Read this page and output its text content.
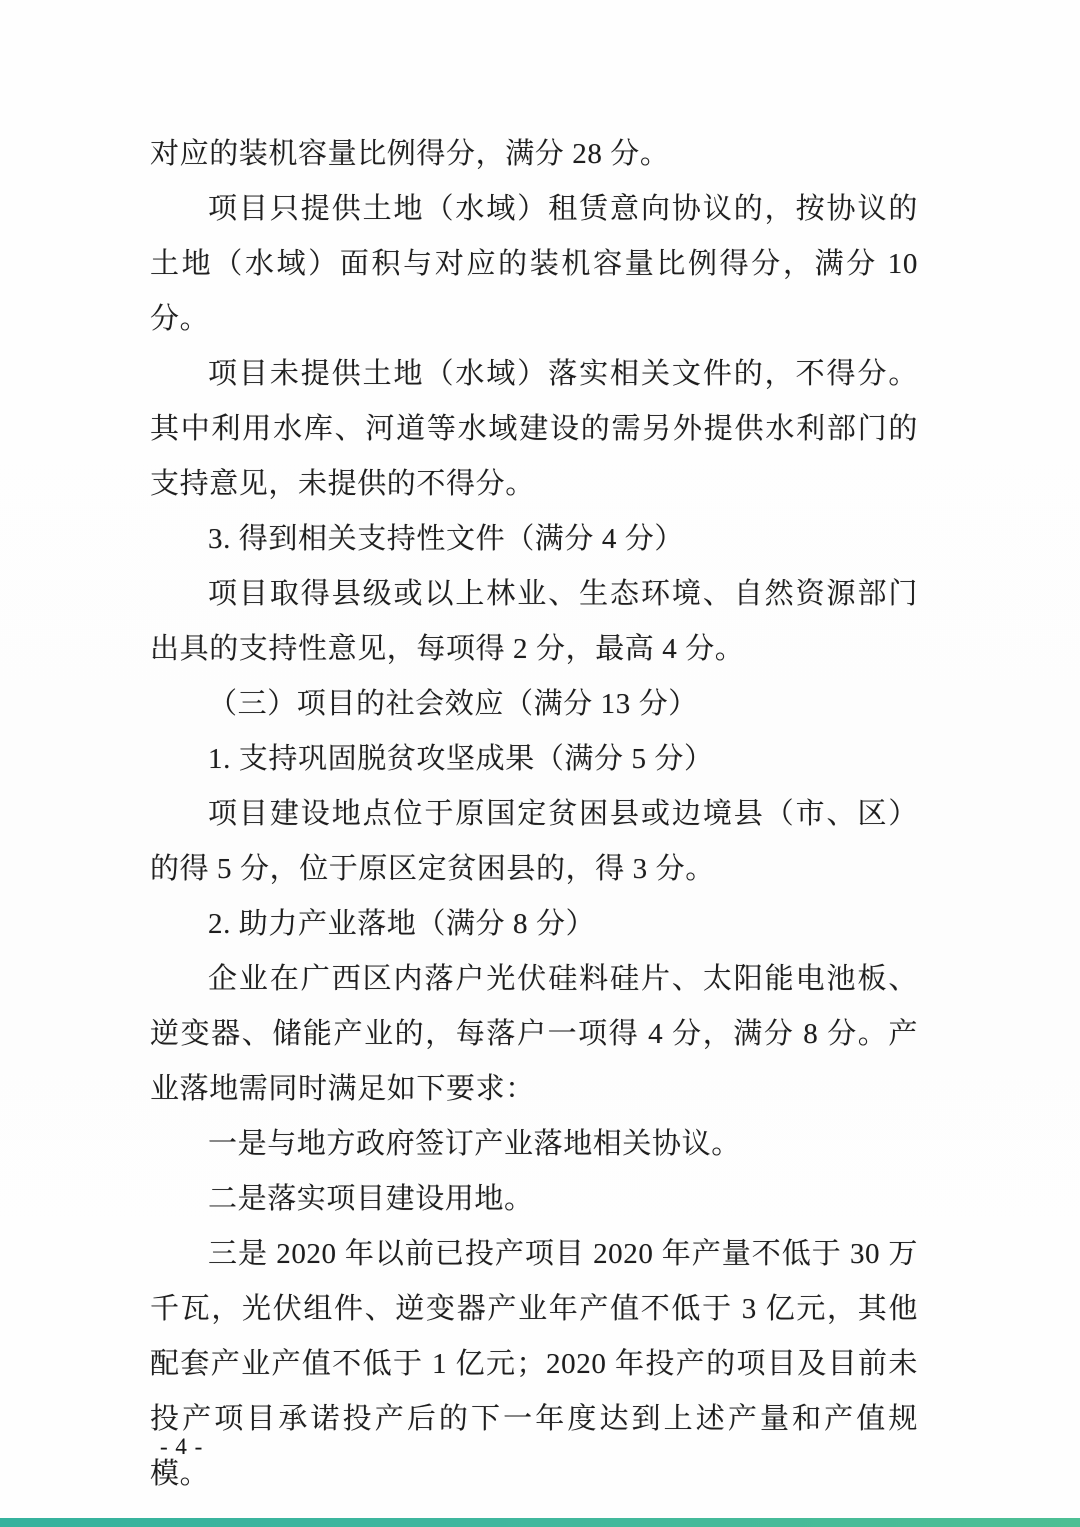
对应的装机容量比例得分，满分 28 分。

项目只提供土地（水域）租赁意向协议的，按协议的土地（水域）面积与对应的装机容量比例得分，满分 10 分。

项目未提供土地（水域）落实相关文件的，不得分。其中利用水库、河道等水域建设的需另外提供水利部门的支持意见，未提供的不得分。

3. 得到相关支持性文件（满分 4 分）

项目取得县级或以上林业、生态环境、自然资源部门出具的支持性意见，每项得 2 分，最高 4 分。

（三）项目的社会效应（满分 13 分）

1. 支持巩固脱贫攻坚成果（满分 5 分）

项目建设地点位于原国定贫困县或边境县（市、区）的得 5 分，位于原区定贫困县的，得 3 分。

2. 助力产业落地（满分 8 分）

企业在广西区内落户光伏硅料硅片、太阳能电池板、逆变器、储能产业的，每落户一项得 4 分，满分 8 分。产业落地需同时满足如下要求：

一是与地方政府签订产业落地相关协议。

二是落实项目建设用地。

三是 2020 年以前已投产项目 2020 年产量不低于 30 万千瓦，光伏组件、逆变器产业年产值不低于 3 亿元，其他配套产业产值不低于 1 亿元；2020 年投产的项目及目前未投产项目承诺投产后的下一年度达到上述产量和产值规模。

- 4 -
